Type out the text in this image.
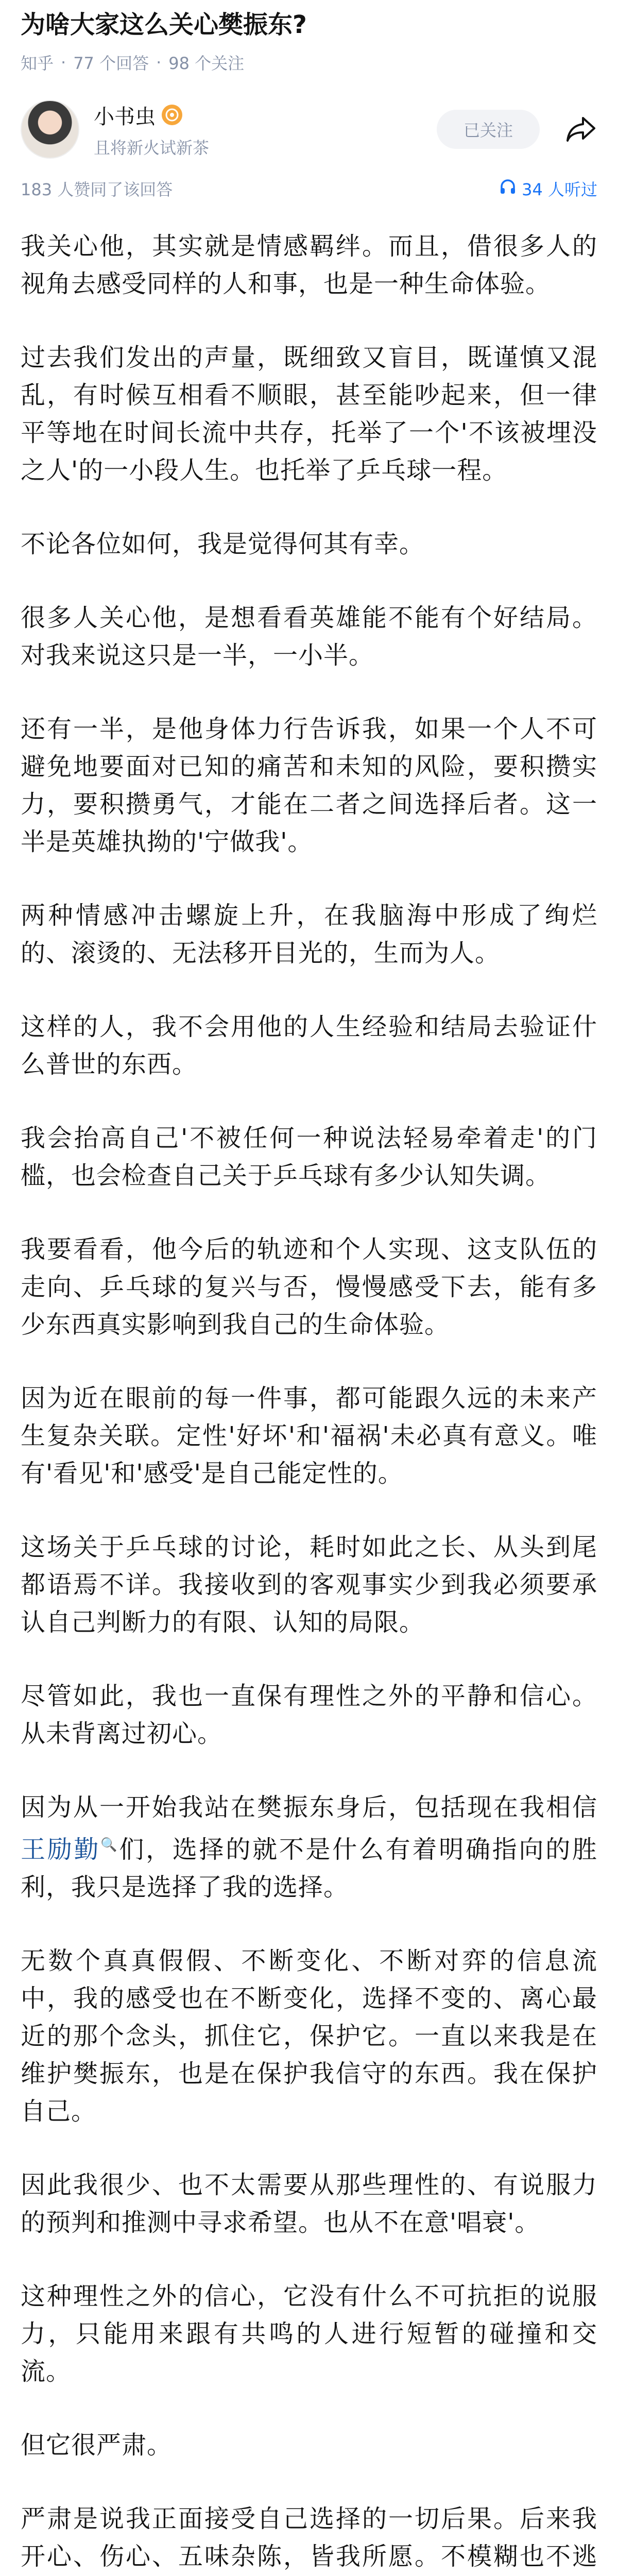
为啥大家这么关心樊振东?
知乎 · 77 个回答 · 98 个关注
小书虫
且将新火试新茶
已关注
183 人赞同了该回答	34 人听过

我关心他，其实就是情感羁绊。而且，借很多人的视角去感受同样的人和事，也是一种生命体验。

过去我们发出的声量，既细致又盲目，既谨慎又混乱，有时候互相看不顺眼，甚至能吵起来，但一律平等地在时间长流中共存，托举了一个'不该被埋没之人'的一小段人生。也托举了乒乓球一程。

不论各位如何，我是觉得何其有幸。

很多人关心他，是想看看英雄能不能有个好结局。对我来说这只是一半，一小半。

还有一半，是他身体力行告诉我，如果一个人不可避免地要面对已知的痛苦和未知的风险，要积攒实力，要积攒勇气，才能在二者之间选择后者。这一半是英雄执拗的'宁做我'。

两种情感冲击螺旋上升，在我脑海中形成了绚烂的、滚烫的、无法移开目光的，生而为人。

这样的人，我不会用他的人生经验和结局去验证什么普世的东西。

我会抬高自己'不被任何一种说法轻易牵着走'的门槛，也会检查自己关于乒乓球有多少认知失调。

我要看看，他今后的轨迹和个人实现、这支队伍的走向、乒乓球的复兴与否，慢慢感受下去，能有多少东西真实影响到我自己的生命体验。

因为近在眼前的每一件事，都可能跟久远的未来产生复杂关联。定性'好坏'和'福祸'未必真有意义。唯有'看见'和'感受'是自己能定性的。

这场关于乒乓球的讨论，耗时如此之长、从头到尾都语焉不详。我接收到的客观事实少到我必须要承认自己判断力的有限、认知的局限。

尽管如此，我也一直保有理性之外的平静和信心。从未背离过初心。

因为从一开始我站在樊振东身后，包括现在我相信王励勤🔍们，选择的就不是什么有着明确指向的胜利，我只是选择了我的选择。

无数个真真假假、不断变化、不断对弈的信息流中，我的感受也在不断变化，选择不变的、离心最近的那个念头，抓住它，保护它。一直以来我是在维护樊振东，也是在保护我信守的东西。我在保护自己。

因此我很少、也不太需要从那些理性的、有说服力的预判和推测中寻求希望。也从不在意'唱衰'。

这种理性之外的信心，它没有什么不可抗拒的说服力，只能用来跟有共鸣的人进行短暂的碰撞和交流。

但它很严肃。

严肃是说我正面接受自己选择的一切后果。后来我开心、伤心、五味杂陈，皆我所愿。不模糊也不逃
